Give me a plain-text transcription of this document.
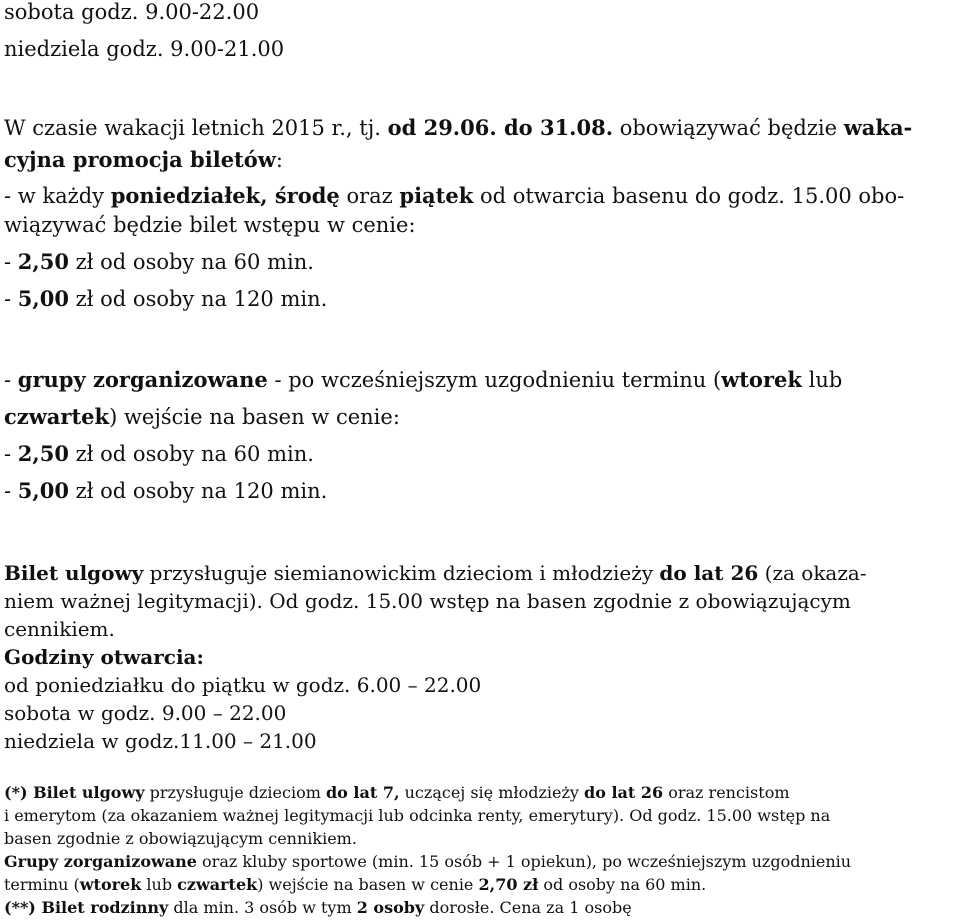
sobota godz. 9.00-22.00
niedziela godz. 9.00-21.00
W czasie wakacji letnich 2015 r., tj. od 29.06. do 31.08. obowiązywać będzie waka-
cyjna promocja biletów:
- w każdy poniedziałek, środę oraz piątek od otwarcia basenu do godz. 15.00 obo-
wiązywać będzie bilet wstępu w cenie:
- 2,50 zł od osoby na 60 min.
- 5,00 zł od osoby na 120 min.
- grupy zorganizowane - po wcześniejszym uzgodnieniu terminu (wtorek lub
czwartek) wejście na basen w cenie:
- 2,50 zł od osoby na 60 min.
- 5,00 zł od osoby na 120 min.
Bilet ulgowy przysługuje siemianowickim dzieciom i młodzieży do lat 26 (za okaza-
niem ważnej legitymacji). Od godz. 15.00 wstęp na basen zgodnie z obowiązującym
cennikiem.
Godziny otwarcia:
od poniedziałku do piątku w godz. 6.00 – 22.00
sobota w godz. 9.00 – 22.00
niedziela w godz.11.00 – 21.00
(*) Bilet ulgowy przysługuje dzieciom do lat 7, uczącej się młodzieży do lat 26 oraz rencistom
i emerytom (za okazaniem ważnej legitymacji lub odcinka renty, emerytury). Od godz. 15.00 wstęp na
basen zgodnie z obowiązującym cennikiem.
Grupy zorganizowane oraz kluby sportowe (min. 15 osób + 1 opiekun), po wcześniejszym uzgodnieniu
terminu (wtorek lub czwartek) wejście na basen w cenie 2,70 zł od osoby na 60 min.
(**) Bilet rodzinny dla min. 3 osób w tym 2 osoby dorosłe. Cena za 1 osobę
